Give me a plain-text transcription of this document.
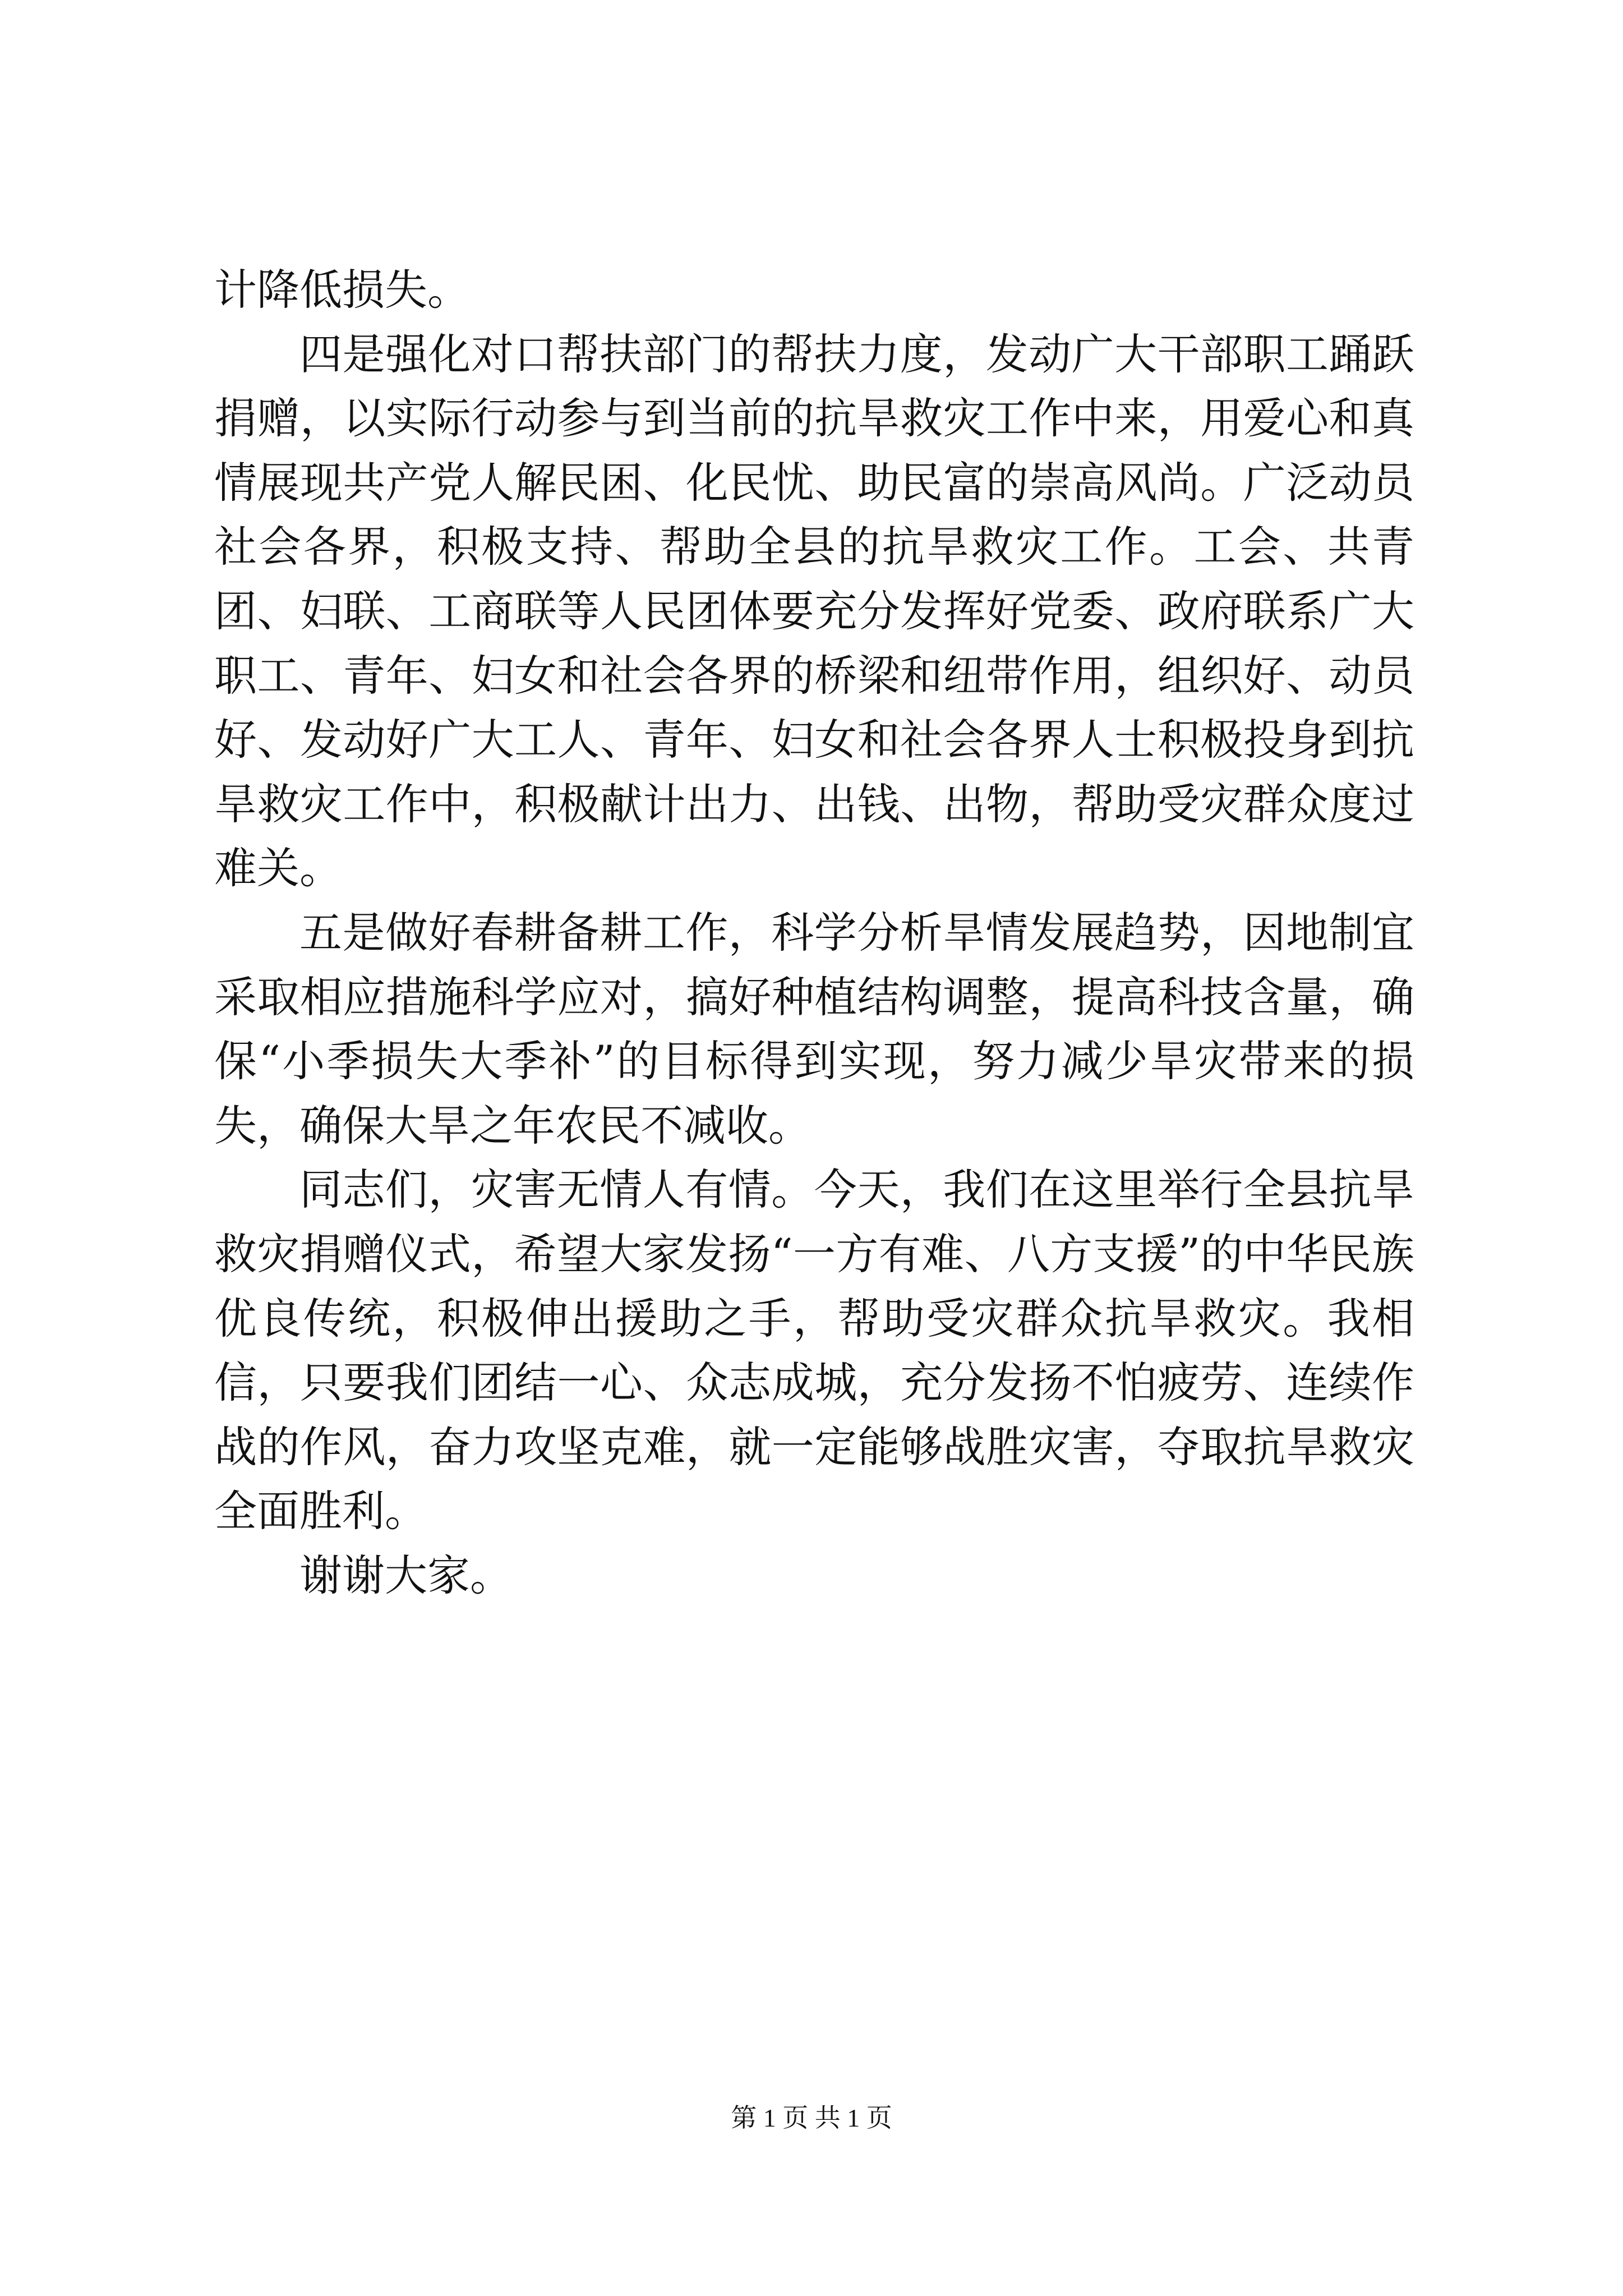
计降低损失。

四是强化对口帮扶部门的帮扶力度，发动广大干部职工踊跃捐赠，以实际行动参与到当前的抗旱救灾工作中来，用爱心和真情展现共产党人解民困、化民忧、助民富的崇高风尚。广泛动员社会各界，积极支持、帮助全县的抗旱救灾工作。工会、共青团、妇联、工商联等人民团体要充分发挥好党委、政府联系广大职工、青年、妇女和社会各界的桥梁和纽带作用，组织好、动员好、发动好广大工人、青年、妇女和社会各界人士积极投身到抗旱救灾工作中，积极献计出力、出钱、出物，帮助受灾群众度过难关。

五是做好春耕备耕工作，科学分析旱情发展趋势，因地制宜采取相应措施科学应对，搞好种植结构调整，提高科技含量，确保“小季损失大季补”的目标得到实现，努力减少旱灾带来的损失，确保大旱之年农民不减收。

同志们，灾害无情人有情。今天，我们在这里举行全县抗旱救灾捐赠仪式，希望大家发扬“一方有难、八方支援”的中华民族优良传统，积极伸出援助之手，帮助受灾群众抗旱救灾。我相信，只要我们团结一心、众志成城，充分发扬不怕疲劳、连续作战的作风，奋力攻坚克难，就一定能够战胜灾害，夺取抗旱救灾全面胜利。

谢谢大家。

第 1 页 共 1 页
